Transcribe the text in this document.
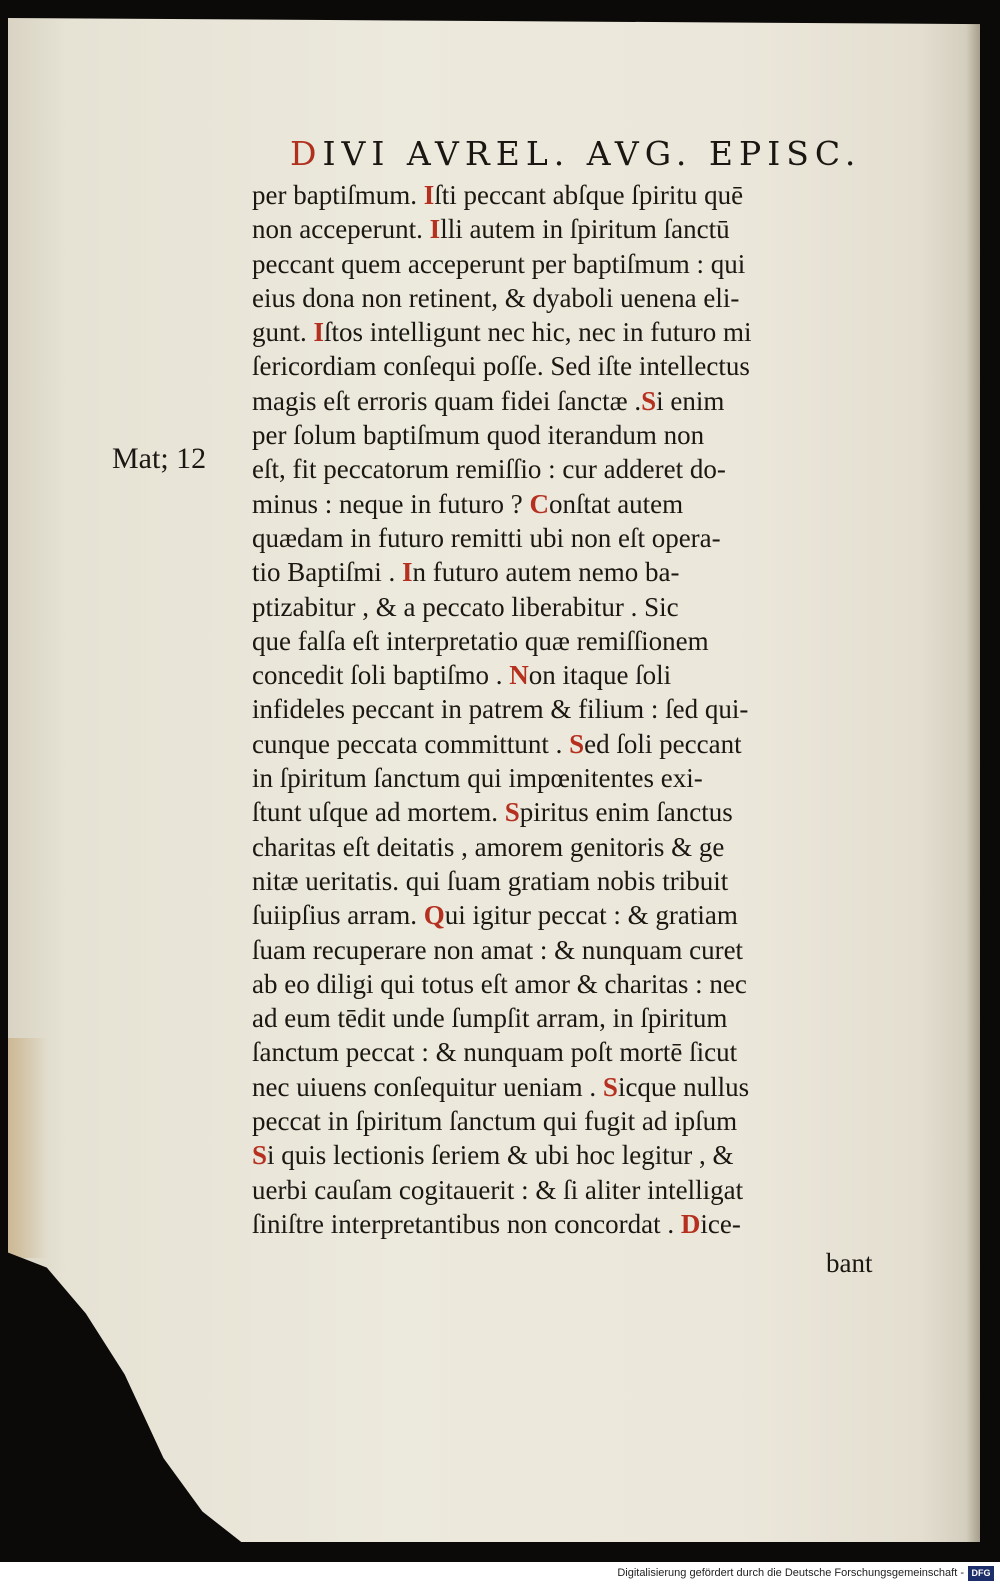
DIVI AVREL. AVG. EPISC.
Mat; 12
per baptiſmum. Iſti peccant abſque ſpiritu quē
non acceperunt. Illi autem in ſpiritum ſanctū
peccant quem acceperunt per baptiſmum : qui
eius dona non retinent, & dyaboli uenena eli-
gunt. Iſtos intelligunt nec hic, nec in futuro mi
ſericordiam conſequi poſſe. Sed iſte intellectus
magis eſt erroris quam fidei ſanctæ .Si enim
per ſolum baptiſmum quod iterandum non
eſt, fit peccatorum remiſſio : cur adderet do-
minus : neque in futuro ? Conſtat autem
quædam in futuro remitti ubi non eſt opera-
tio Baptiſmi . In futuro autem nemo ba-
ptizabitur , & a peccato liberabitur . Sic
que falſa eſt interpretatio quæ remiſſionem
concedit ſoli baptiſmo . Non itaque ſoli
infideles peccant in patrem & filium : ſed qui-
cunque peccata committunt . Sed ſoli peccant
in ſpiritum ſanctum qui impœnitentes exi-
ſtunt uſque ad mortem. Spiritus enim ſanctus
charitas eſt deitatis , amorem genitoris & ge
nitæ ueritatis. qui ſuam gratiam nobis tribuit
ſuiipſius arram. Qui igitur peccat : & gratiam
ſuam recuperare non amat : & nunquam curet
ab eo diligi qui totus eſt amor & charitas : nec
ad eum tēdit unde ſumpſit arram, in ſpiritum
ſanctum peccat : & nunquam poſt mortē ſicut
nec uiuens conſequitur ueniam . Sicque nullus
peccat in ſpiritum ſanctum qui fugit ad ipſum
Si quis lectionis ſeriem & ubi hoc legitur , &
uerbi cauſam cogitauerit : & ſi aliter intelligat
ſiniſtre interpretantibus non concordat . Dice-
bant
Digitalisierung gefördert durch die Deutsche Forschungsgemeinschaft - DFG
